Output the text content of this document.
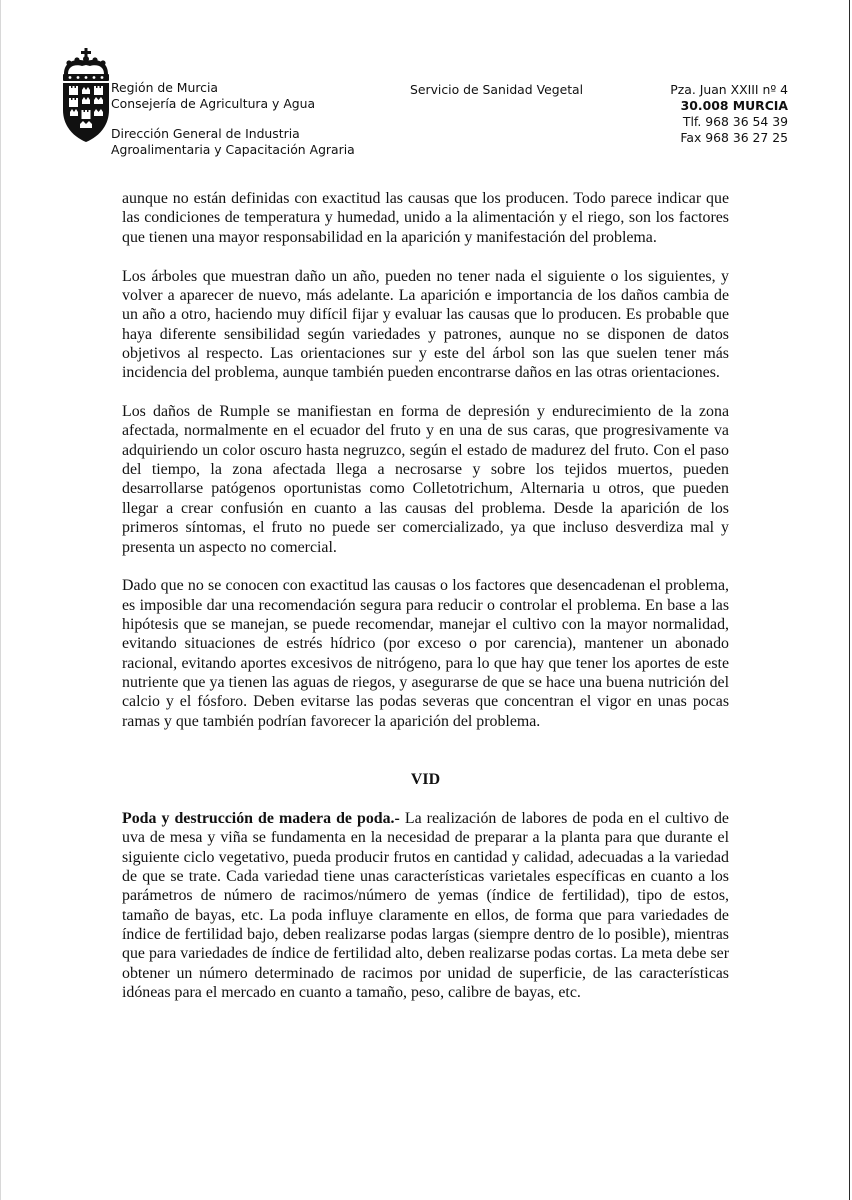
Región de Murcia
Consejería de Agricultura y Agua
Dirección General de Industria
Agroalimentaria y Capacitación Agraria
Servicio de Sanidad Vegetal	Pza. Juan XXIII nº 4
30.008 MURCIA
Tlf. 968 36 54 39
Fax 968 36 27 25

aunque no están definidas con exactitud las causas que los producen. Todo parece indicar que las condiciones de temperatura y humedad, unido a la alimentación y el riego, son los factores que tienen una mayor responsabilidad en la aparición y manifestación del problema.

Los árboles que muestran daño un año, pueden no tener nada el siguiente o los siguientes, y volver a aparecer de nuevo, más adelante. La aparición e importancia de los daños cambia de un año a otro, haciendo muy difícil fijar y evaluar las causas que lo producen. Es probable que haya diferente sensibilidad según variedades y patrones, aunque no se disponen de datos objetivos al respecto. Las orientaciones sur y este del árbol son las que suelen tener más incidencia del problema, aunque también pueden encontrarse daños en las otras orientaciones.

Los daños de Rumple se manifiestan en forma de depresión y endurecimiento de la zona afectada, normalmente en el ecuador del fruto y en una de sus caras, que progresivamente va adquiriendo un color oscuro hasta negruzco, según el estado de madurez del fruto. Con el paso del tiempo, la zona afectada llega a necrosarse y sobre los tejidos muertos, pueden desarrollarse patógenos oportunistas como Colletotrichum, Alternaria u otros, que pueden llegar a crear confusión en cuanto a las causas del problema. Desde la aparición de los primeros síntomas, el fruto no puede ser comercializado, ya que incluso desverdiza mal y presenta un aspecto no comercial.

Dado que no se conocen con exactitud las causas o los factores que desencadenan el problema, es imposible dar una recomendación segura para reducir o controlar el problema. En base a las hipótesis que se manejan, se puede recomendar, manejar el cultivo con la mayor normalidad, evitando situaciones de estrés hídrico (por exceso o por carencia), mantener un abonado racional, evitando aportes excesivos de nitrógeno, para lo que hay que tener los aportes de este nutriente que ya tienen las aguas de riegos, y asegurarse de que se hace una buena nutrición del calcio y el fósforo. Deben evitarse las podas severas que concentran el vigor en unas pocas ramas y que también podrían favorecer la aparición del problema.

VID

Poda y destrucción de madera de poda.- La realización de labores de poda en el cultivo de uva de mesa y viña se fundamenta en la necesidad de preparar a la planta para que durante el siguiente ciclo vegetativo, pueda producir frutos en cantidad y calidad, adecuadas a la variedad de que se trate. Cada variedad tiene unas características varietales específicas en cuanto a los parámetros de número de racimos/número de yemas (índice de fertilidad), tipo de estos, tamaño de bayas, etc. La poda influye claramente en ellos, de forma que para variedades de índice de fertilidad bajo, deben realizarse podas largas (siempre dentro de lo posible), mientras que para variedades de índice de fertilidad alto, deben realizarse podas cortas. La meta debe ser obtener un número determinado de racimos por unidad de superficie, de las características idóneas para el mercado en cuanto a tamaño, peso, calibre de bayas, etc.
